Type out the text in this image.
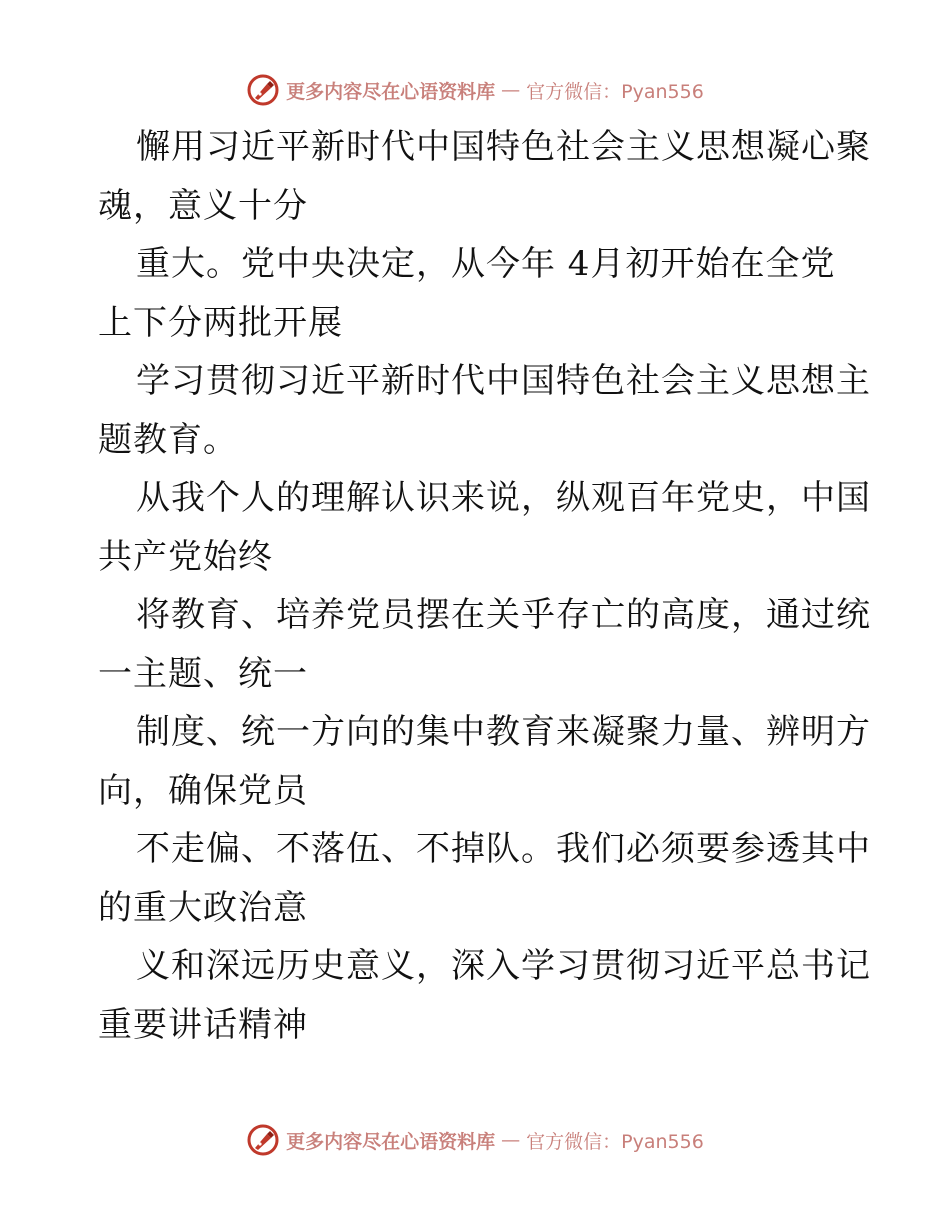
更多内容尽在心语资料库 — 官方微信：Pyan556
懈用习近平新时代中国特色社会主义思想凝心聚
魂，意义十分
重大。党中央决定，从今年 4月初开始在全党
上下分两批开展
学习贯彻习近平新时代中国特色社会主义思想主
题教育。
从我个人的理解认识来说，纵观百年党史，中国
共产党始终
将教育、培养党员摆在关乎存亡的高度，通过统
一主题、统一
制度、统一方向的集中教育来凝聚力量、辨明方
向，确保党员
不走偏、不落伍、不掉队。我们必须要参透其中
的重大政治意
义和深远历史意义，深入学习贯彻习近平总书记
重要讲话精神
更多内容尽在心语资料库 — 官方微信：Pyan556
